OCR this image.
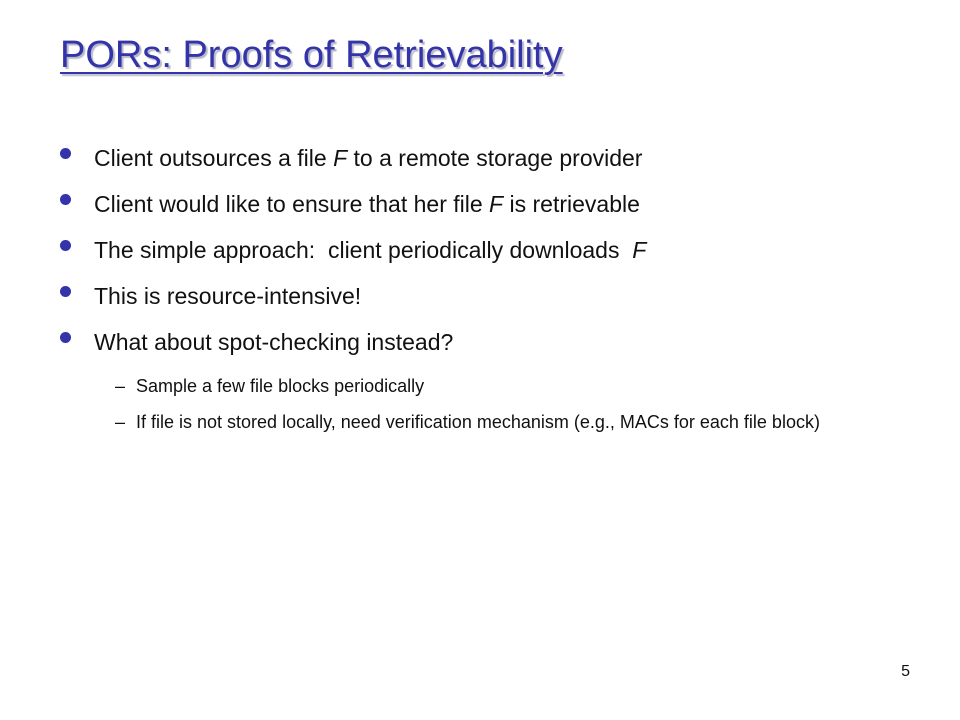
PORs: Proofs of Retrievability
Client outsources a file F to a remote storage provider
Client would like to ensure that her file F is retrievable
The simple approach:  client periodically downloads  F
This is resource-intensive!
What about spot-checking instead?
– Sample a few file blocks periodically
– If file is not stored locally, need verification mechanism (e.g., MACs for each file block)
5
